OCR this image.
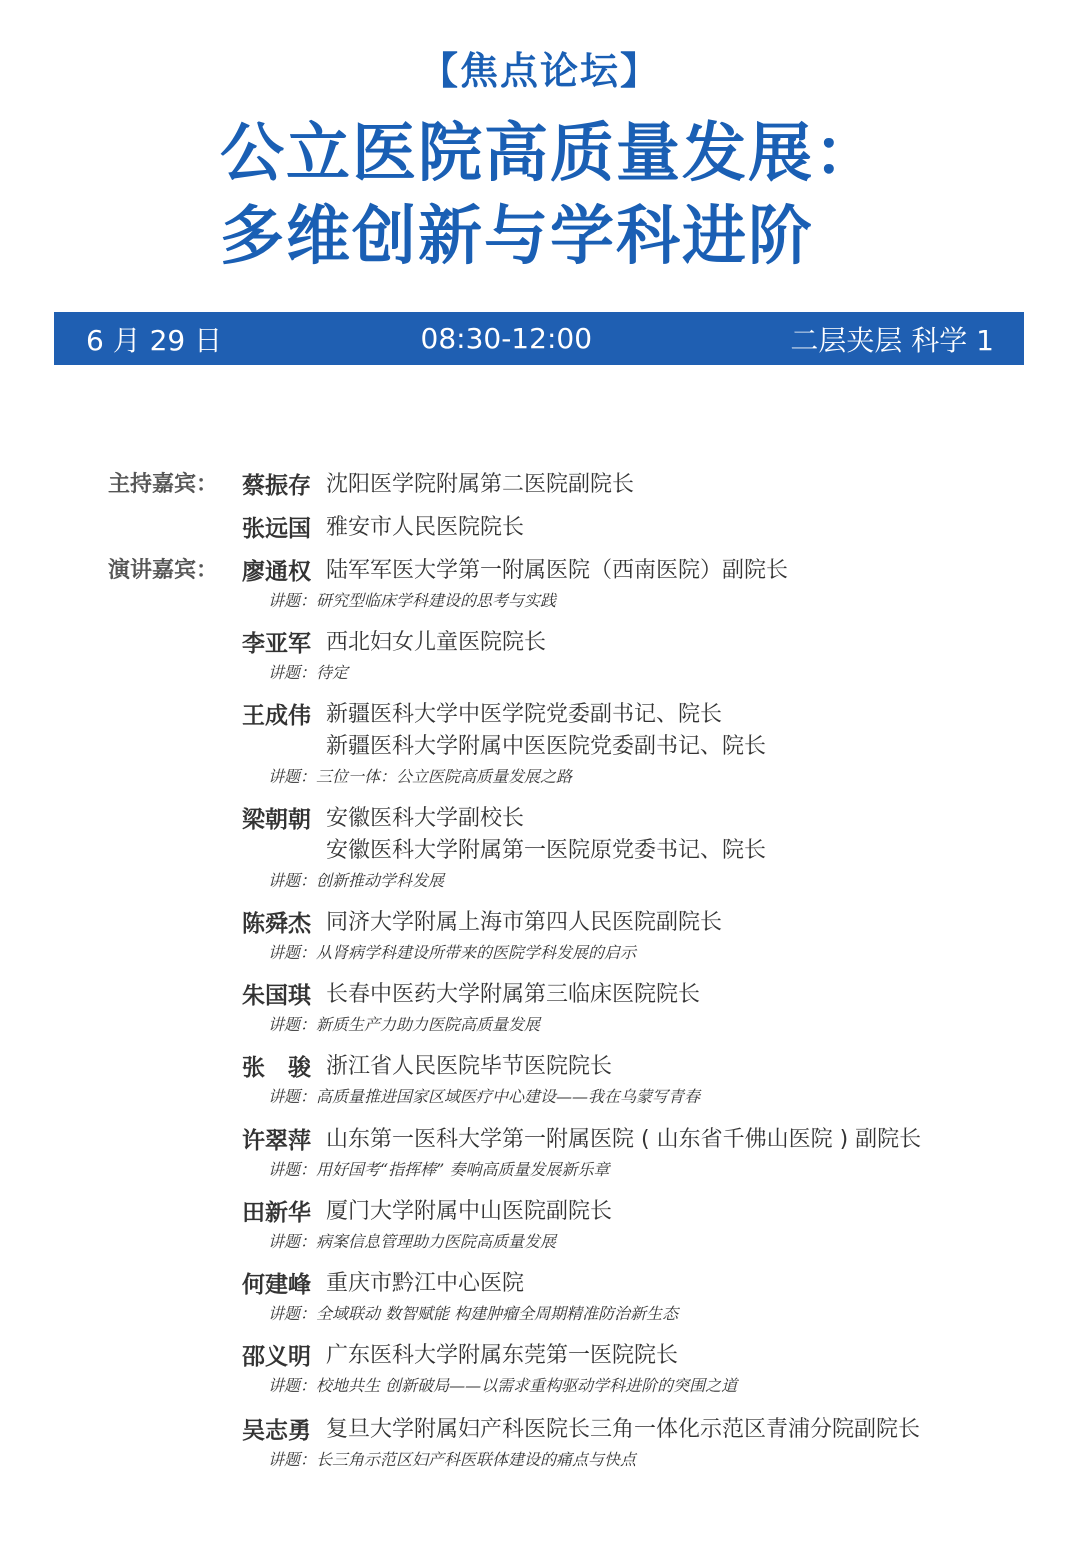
【焦点论坛】
公立医院高质量发展：
多维创新与学科进阶
6 月 29 日	08:30-12:00	二层夹层 科学 1
主持嘉宾：
演讲嘉宾：
蔡振存 沈阳医学院附属第二医院副院长
张远国 雅安市人民医院院长
廖通权 陆军军医大学第一附属医院（西南医院）副院长
讲题：研究型临床学科建设的思考与实践
李亚军 西北妇女儿童医院院长
讲题：待定
王成伟 新疆医科大学中医学院党委副书记、院长
新疆医科大学附属中医医院党委副书记、院长
讲题：三位一体：公立医院高质量发展之路
梁朝朝 安徽医科大学副校长
安徽医科大学附属第一医院原党委书记、院长
讲题：创新推动学科发展
陈舜杰 同济大学附属上海市第四人民医院副院长
讲题：从肾病学科建设所带来的医院学科发展的启示
朱国琪 长春中医药大学附属第三临床医院院长
讲题：新质生产力助力医院高质量发展
张　骏 浙江省人民医院毕节医院院长
讲题：高质量推进国家区域医疗中心建设——我在乌蒙写青春
许翠萍 山东第一医科大学第一附属医院 ( 山东省千佛山医院 ) 副院长
讲题：用好国考“指挥棒” 奏响高质量发展新乐章
田新华 厦门大学附属中山医院副院长
讲题：病案信息管理助力医院高质量发展
何建峰 重庆市黔江中心医院
讲题：全域联动 数智赋能 构建肿瘤全周期精准防治新生态
邵义明 广东医科大学附属东莞第一医院院长
讲题：校地共生 创新破局——以需求重构驱动学科进阶的突围之道
吴志勇 复旦大学附属妇产科医院长三角一体化示范区青浦分院副院长
讲题：长三角示范区妇产科医联体建设的痛点与快点
